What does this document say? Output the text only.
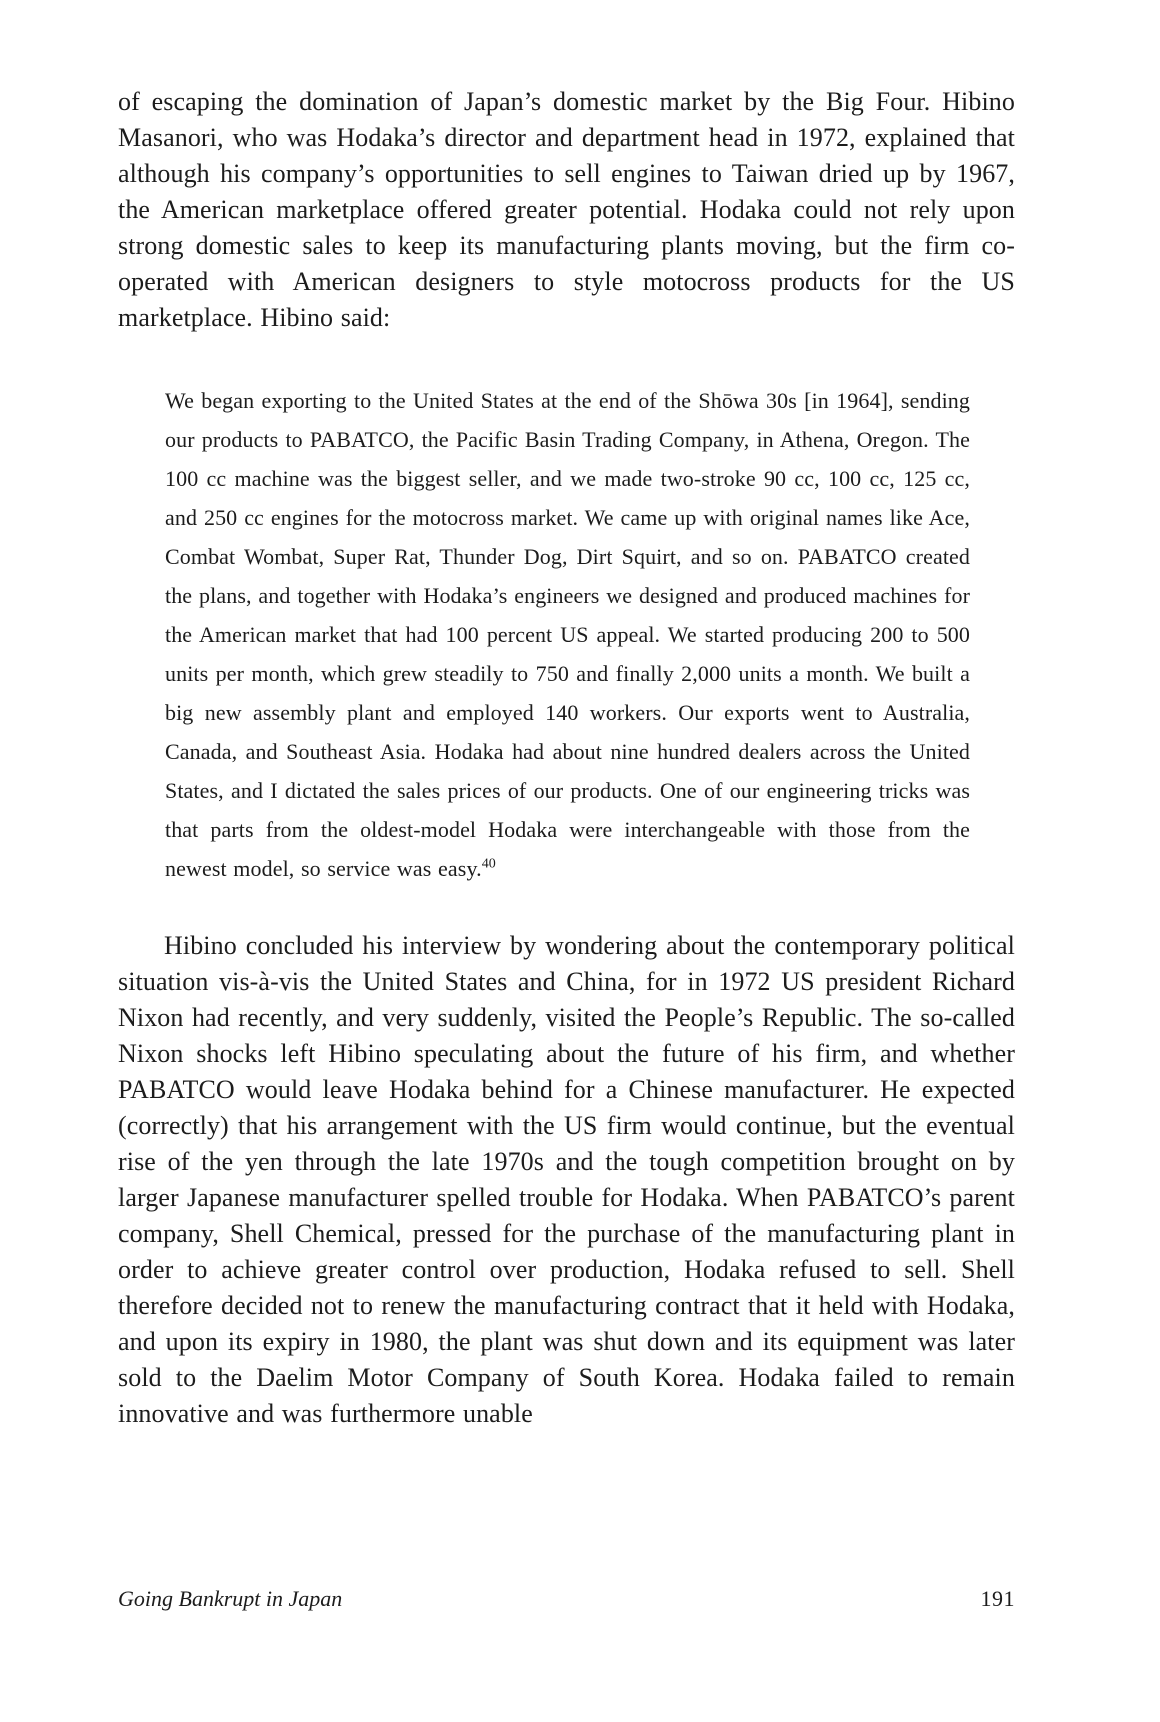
of escaping the domination of Japan’s domestic market by the Big Four. Hibino Masanori, who was Hodaka’s director and department head in 1972, explained that although his company’s opportunities to sell engines to Taiwan dried up by 1967, the American marketplace offered greater potential. Hodaka could not rely upon strong domestic sales to keep its manufacturing plants moving, but the firm co-operated with American designers to style motocross products for the US marketplace. Hibino said:

We began exporting to the United States at the end of the Shōwa 30s [in 1964], sending our products to PABATCO, the Pacific Basin Trading Company, in Athena, Oregon. The 100 cc machine was the biggest seller, and we made two-stroke 90 cc, 100 cc, 125 cc, and 250 cc engines for the motocross market. We came up with original names like Ace, Combat Wombat, Super Rat, Thunder Dog, Dirt Squirt, and so on. PABATCO created the plans, and together with Hodaka’s engineers we designed and produced machines for the American market that had 100 percent US appeal. We started producing 200 to 500 units per month, which grew steadily to 750 and finally 2,000 units a month. We built a big new assembly plant and employed 140 workers. Our exports went to Australia, Canada, and Southeast Asia. Hodaka had about nine hundred dealers across the United States, and I dictated the sales prices of our products. One of our engineering tricks was that parts from the oldest-model Hodaka were interchangeable with those from the newest model, so service was easy.$^{40}$

Hibino concluded his interview by wondering about the contemporary political situation vis-à-vis the United States and China, for in 1972 US president Richard Nixon had recently, and very suddenly, visited the People’s Republic. The so-called Nixon shocks left Hibino speculating about the future of his firm, and whether PABATCO would leave Hodaka behind for a Chinese manufacturer. He expected (correctly) that his arrangement with the US firm would continue, but the eventual rise of the yen through the late 1970s and the tough competition brought on by larger Japanese manufacturer spelled trouble for Hodaka. When PABATCO’s parent company, Shell Chemical, pressed for the purchase of the manufacturing plant in order to achieve greater control over production, Hodaka refused to sell. Shell therefore decided not to renew the manufacturing contract that it held with Hodaka, and upon its expiry in 1980, the plant was shut down and its equipment was later sold to the Daelim Motor Company of South Korea. Hodaka failed to remain innovative and was furthermore unable

Going Bankrupt in Japan	191
